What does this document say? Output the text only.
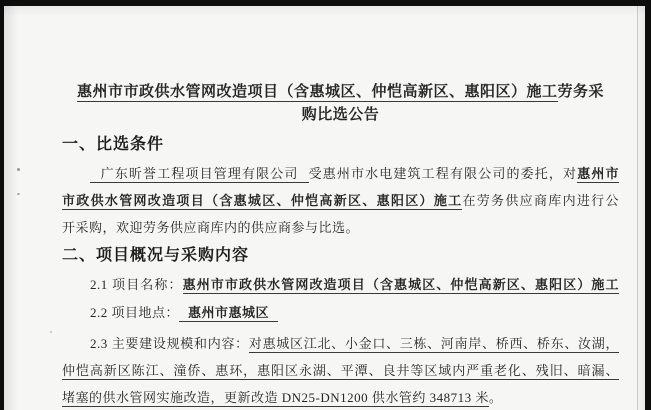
惠州市市政供水管网改造项目（含惠城区、仲恺高新区、惠阳区）施工劳务采
购比选公告
一、比选条件
广东昕誉工程项目管理有限公司 受惠州市水电建筑工程有限公司的委托，对惠州市
市政供水管网改造项目（含惠城区、仲恺高新区、惠阳区）施工在劳务供应商库内进行公
开采购，欢迎劳务供应商库内的供应商参与比选。
二、项目概况与采购内容
2.1 项目名称：惠州市市政供水管网改造项目（含惠城区、仲恺高新区、惠阳区）施工
2.2 项目地点： 惠州市惠城区
2.3 主要建设规模和内容：对惠城区江北、小金口、三栋、河南岸、桥西、桥东、汝湖，
仲恺高新区陈江、潼侨、惠环，惠阳区永湖、平潭、良井等区域内严重老化、残旧、暗漏、
堵塞的供水管网实施改造，更新改造 DN25-DN1200 供水管约 348713 米。
